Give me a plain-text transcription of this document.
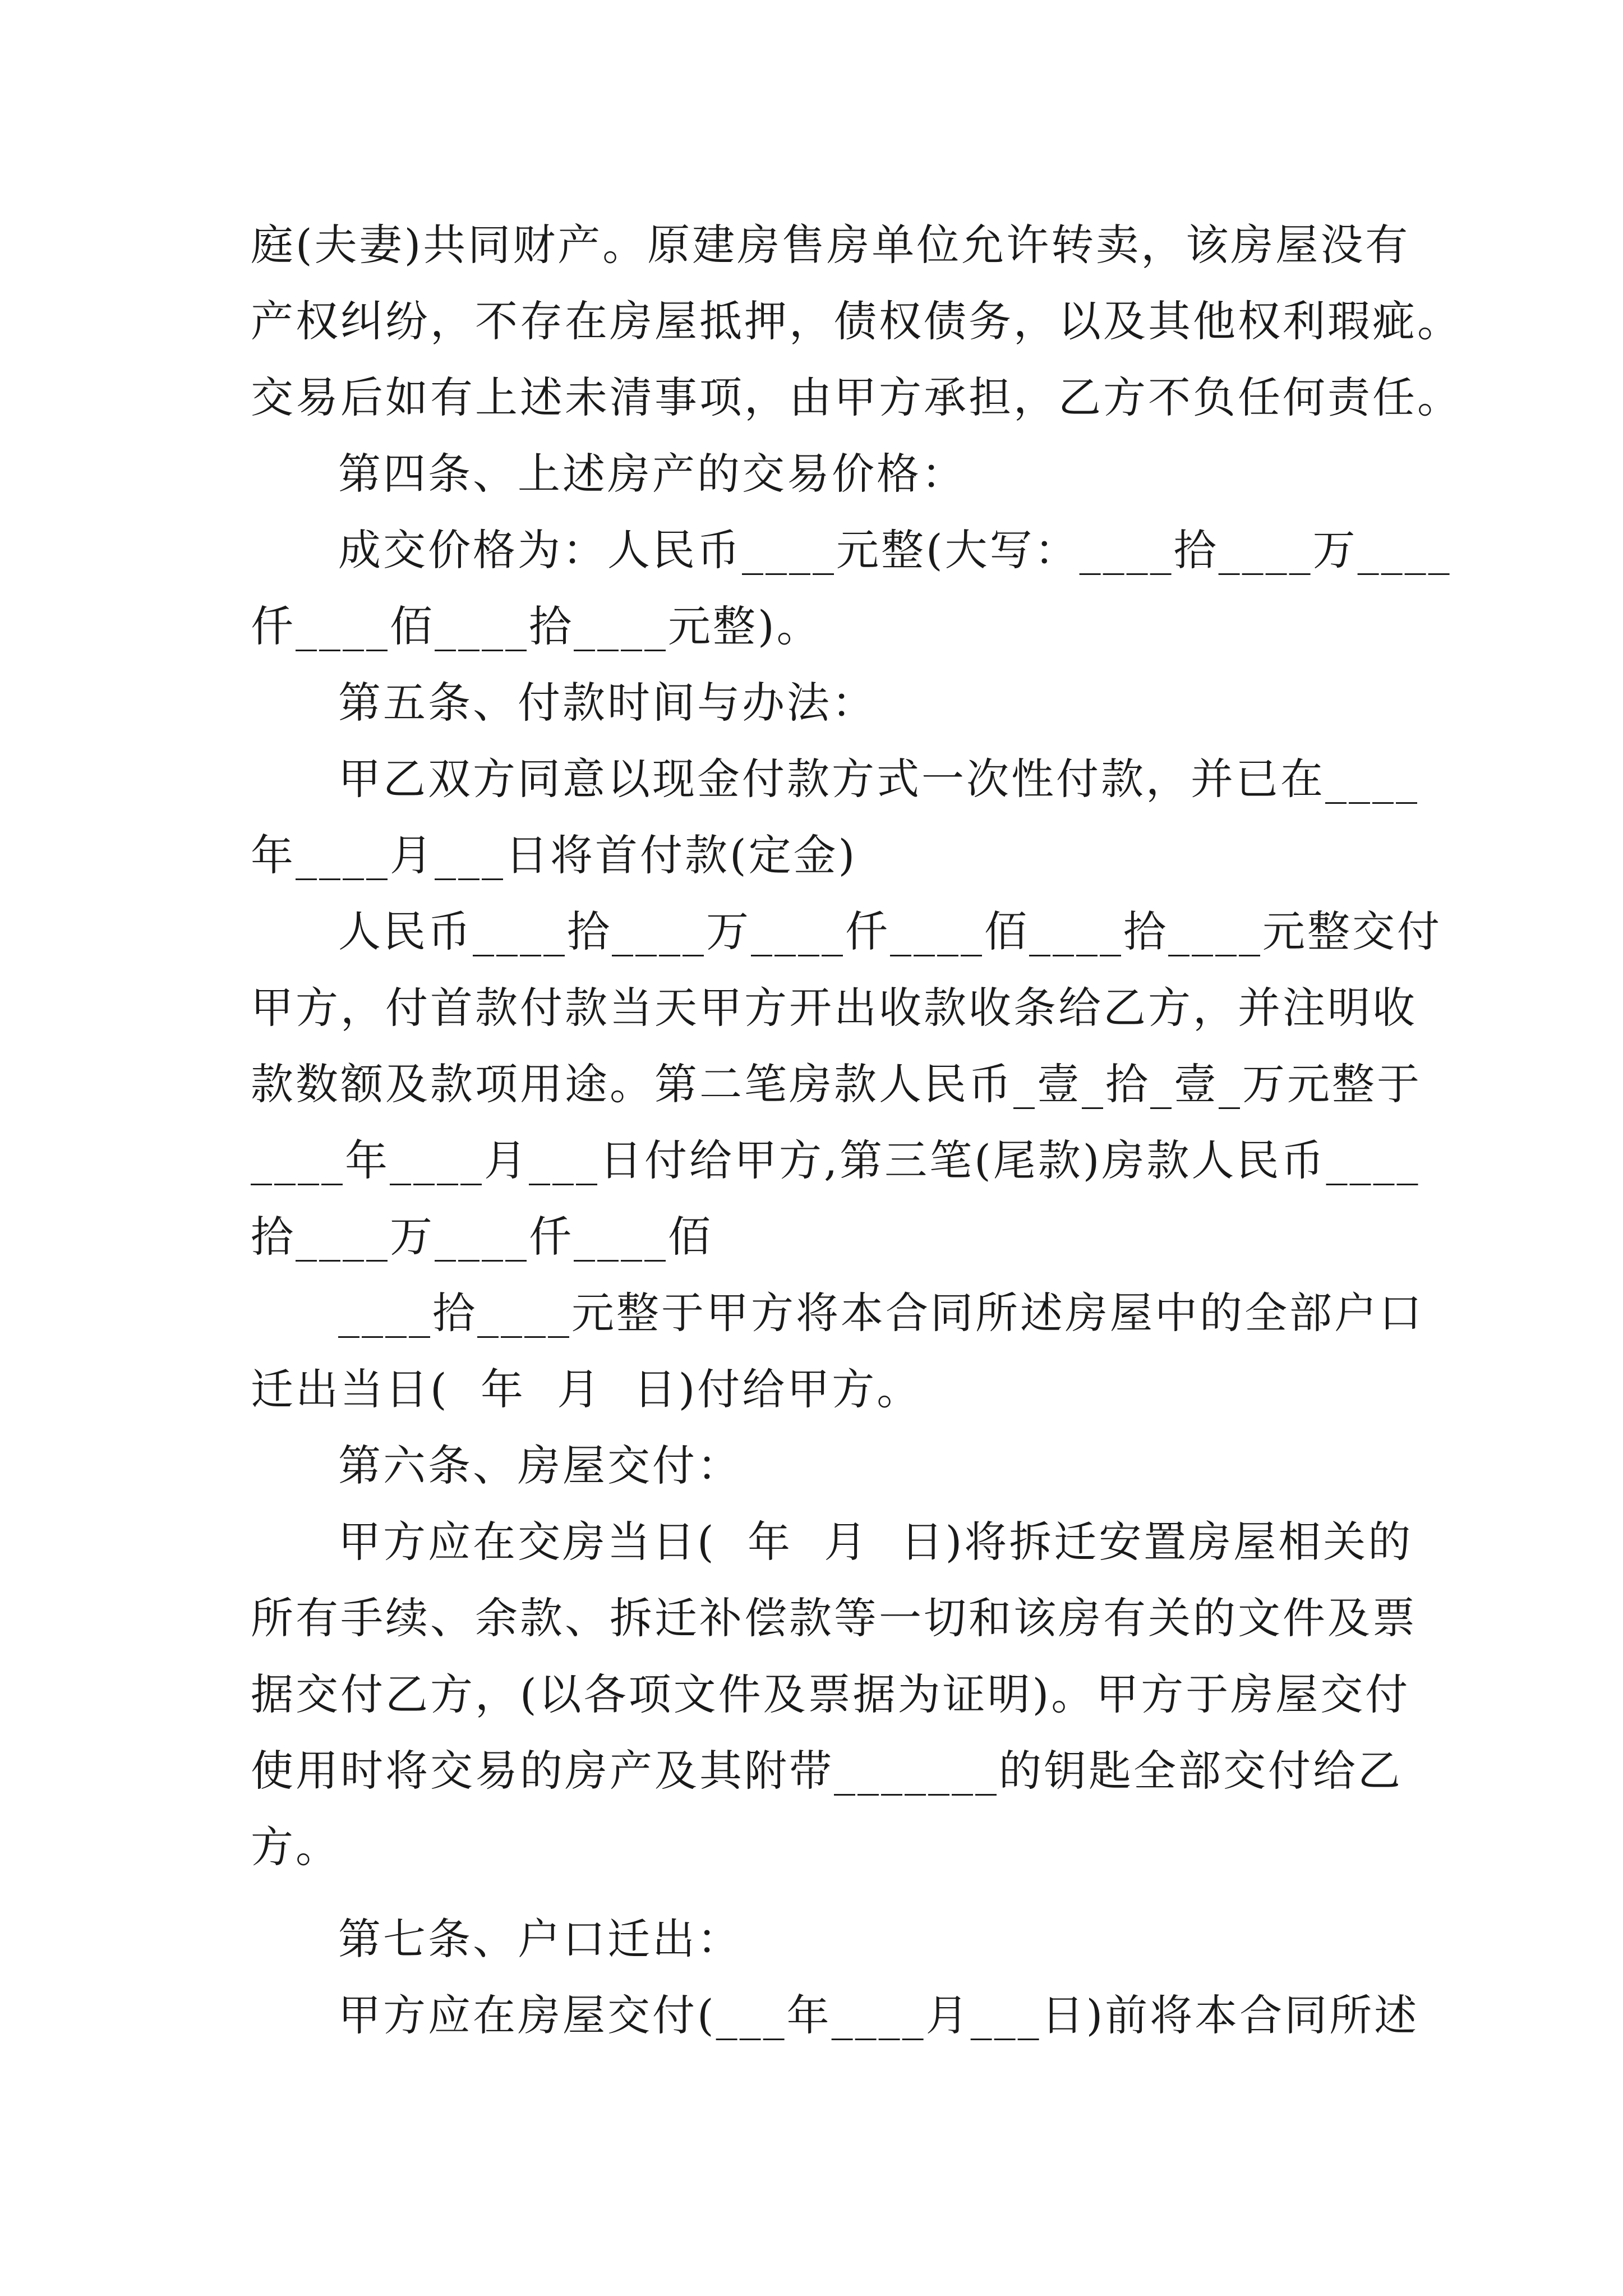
庭(夫妻)共同财产。原建房售房单位允许转卖，该房屋没有
产权纠纷，不存在房屋抵押，债权债务，以及其他权利瑕疵。
交易后如有上述未清事项，由甲方承担，乙方不负任何责任。
第四条、上述房产的交易价格：
成交价格为：人民币____元整(大写：____拾____万____
仟____佰____拾____元整)。
第五条、付款时间与办法：
甲乙双方同意以现金付款方式一次性付款，并已在____
年____月___日将首付款(定金)
人民币____拾____万____仟____佰____拾____元整交付
甲方，付首款付款当天甲方开出收款收条给乙方，并注明收
款数额及款项用途。第二笔房款人民币_壹_拾_壹_万元整于
____年____月___日付给甲方,第三笔(尾款)房款人民币____
拾____万____仟____佰
____拾____元整于甲方将本合同所述房屋中的全部户口
迁出当日(  年  月  日)付给甲方。
第六条、房屋交付：
甲方应在交房当日(  年  月  日)将拆迁安置房屋相关的
所有手续、余款、拆迁补偿款等一切和该房有关的文件及票
据交付乙方，(以各项文件及票据为证明)。甲方于房屋交付
使用时将交易的房产及其附带_______的钥匙全部交付给乙
方。
第七条、户口迁出：
甲方应在房屋交付(___年____月___日)前将本合同所述
